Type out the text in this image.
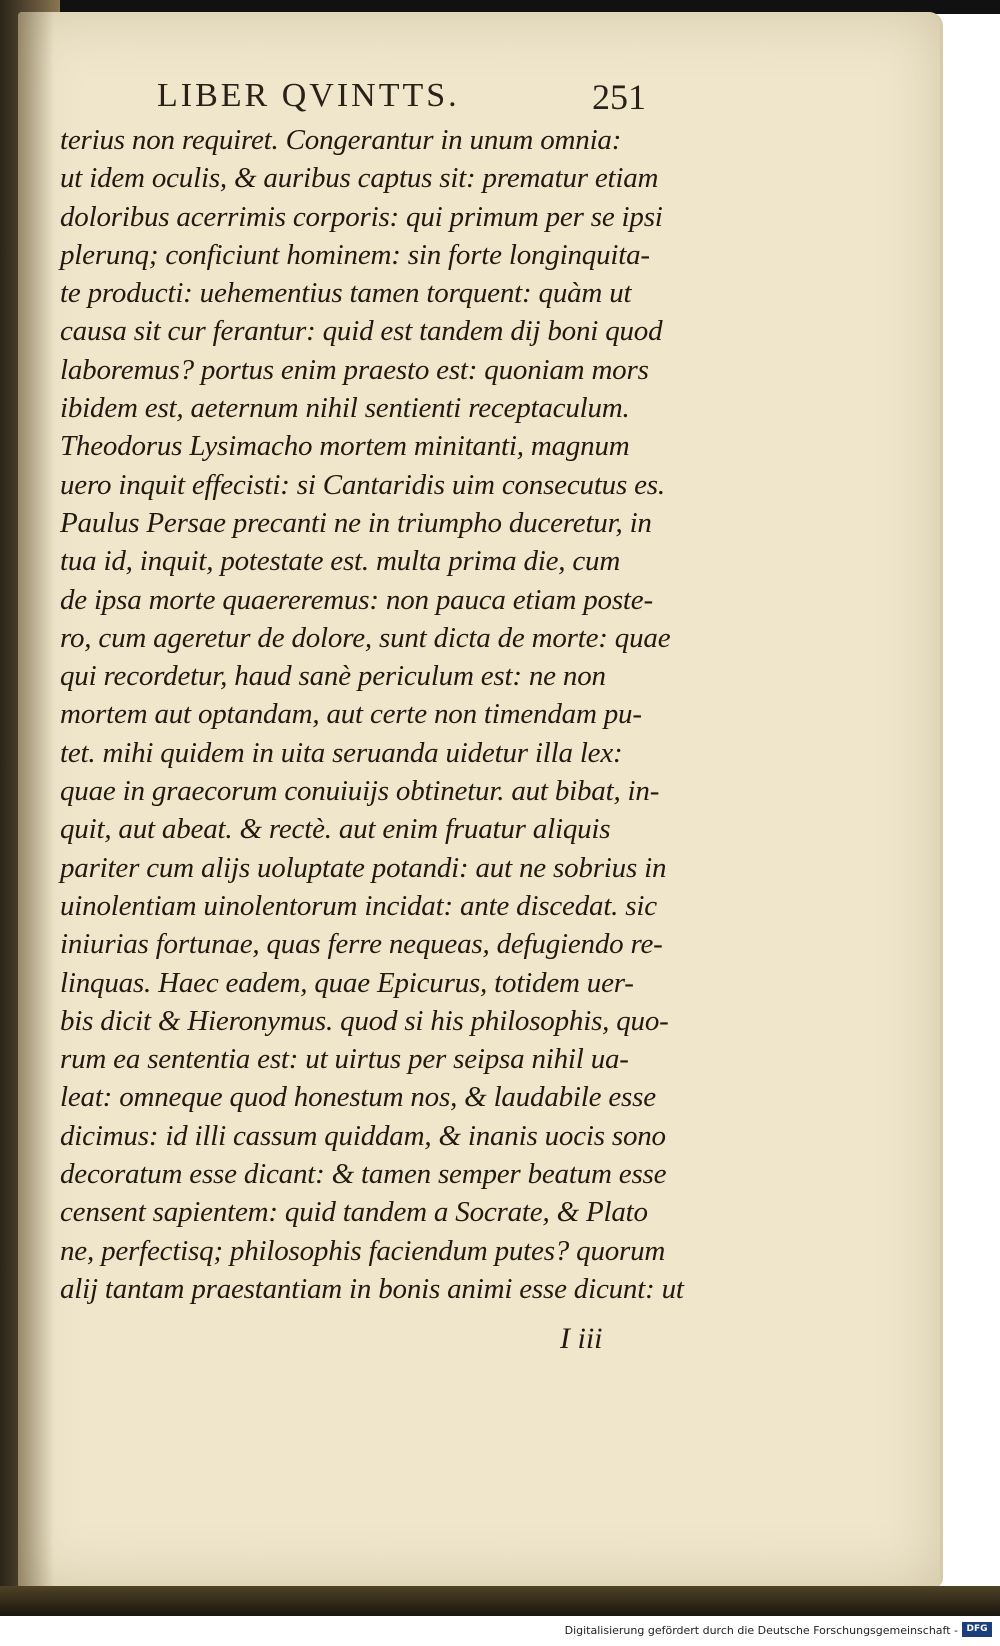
LIBER QVINTTS.	251
terius non requiret. Congerantur in unum omnia:
ut idem oculis, & auribus captus sit: prematur etiam
doloribus acerrimis corporis: qui primum per se ipsi
plerunq; conficiunt hominem: sin forte longinquita-
te producti: uehementius tamen torquent: quàm ut
causa sit cur ferantur: quid est tandem dij boni quod
laboremus? portus enim praesto est: quoniam mors
ibidem est, aeternum nihil sentienti receptaculum.
Theodorus Lysimacho mortem minitanti, magnum
uero inquit effecisti: si Cantaridis uim consecutus es.
Paulus Persae precanti ne in triumpho duceretur, in
tua id, inquit, potestate est. multa prima die, cum
de ipsa morte quaereremus: non pauca etiam poste-
ro, cum ageretur de dolore, sunt dicta de morte: quae
qui recordetur, haud sanè periculum est: ne non
mortem aut optandam, aut certe non timendam pu-
tet. mihi quidem in uita seruanda uidetur illa lex:
quae in graecorum conuiuijs obtinetur. aut bibat, in-
quit, aut abeat. & rectè. aut enim fruatur aliquis
pariter cum alijs uoluptate potandi: aut ne sobrius in
uinolentiam uinolentorum incidat: ante discedat. sic
iniurias fortunae, quas ferre nequeas, defugiendo re-
linquas. Haec eadem, quae Epicurus, totidem uer-
bis dicit & Hieronymus. quod si his philosophis, quo-
rum ea sententia est: ut uirtus per seipsa nihil ua-
leat: omneque quod honestum nos, & laudabile esse
dicimus: id illi cassum quiddam, & inanis uocis sono
decoratum esse dicant: & tamen semper beatum esse
censent sapientem: quid tandem a Socrate, & Plato
ne, perfectisq; philosophis faciendum putes? quorum
alij tantam praestantiam in bonis animi esse dicunt: ut
I iii
Digitalisierung gefördert durch die Deutsche Forschungsgemeinschaft - DFG
